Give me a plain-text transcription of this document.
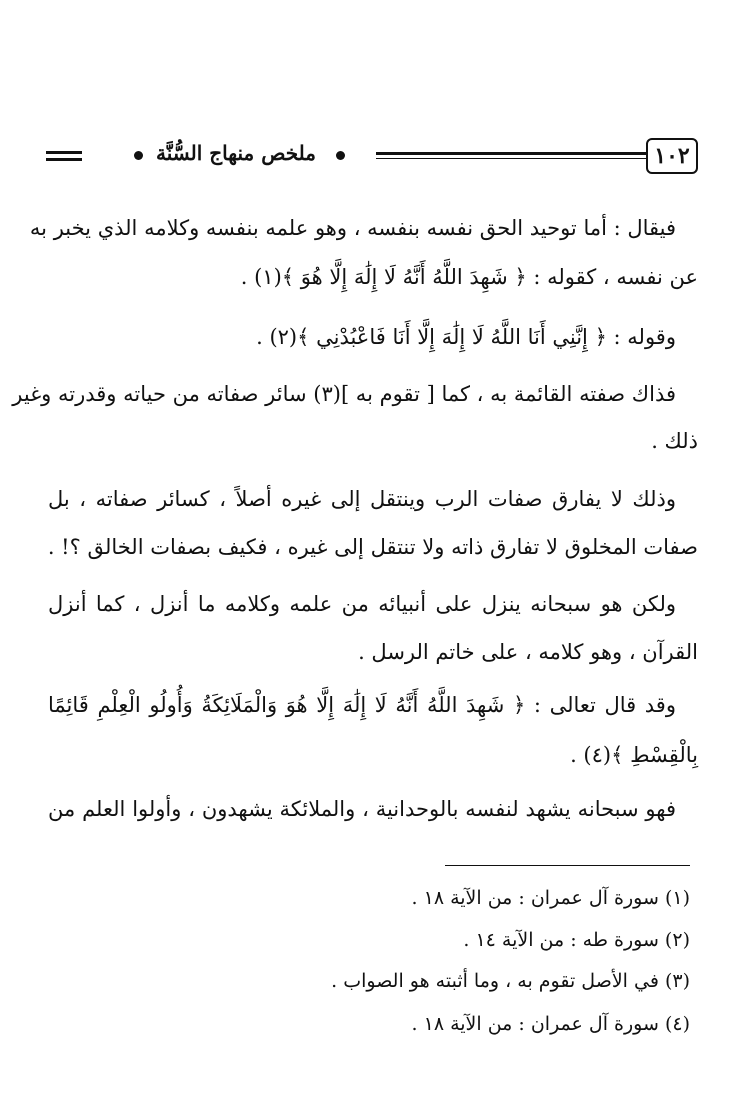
١٠٢
ملخص منهاج السُّنَّة
فيقال : أما توحيد الحق نفسه بنفسه ، وهو علمه بنفسه وكلامه الذي يخبر به
عن نفسه ، كقوله : ﴿ شَهِدَ اللَّهُ أَنَّهُ لَا إِلَٰهَ إِلَّا هُوَ ﴾(١) .
وقوله : ﴿ إِنَّنِي أَنَا اللَّهُ لَا إِلَٰهَ إِلَّا أَنَا فَاعْبُدْنِي ﴾(٢) .
فذاك صفته القائمة به ، كما [ تقوم به ](٣) سائر صفاته من حياته وقدرته وغير
ذلك .
وذلك لا يفارق صفات الرب وينتقل إلى غيره أصلاً ، كسائر صفاته ، بل
صفات المخلوق لا تفارق ذاته ولا تنتقل إلى غيره ، فكيف بصفات الخالق ؟! .
ولكن هو سبحانه ينزل على أنبيائه من علمه وكلامه ما أنزل ، كما أنزل
القرآن ، وهو كلامه ، على خاتم الرسل .
وقد قال تعالى : ﴿ شَهِدَ اللَّهُ أَنَّهُ لَا إِلَٰهَ إِلَّا هُوَ وَالْمَلَائِكَةُ وَأُولُو الْعِلْمِ قَائِمًا
بِالْقِسْطِ ﴾(٤) .
فهو سبحانه يشهد لنفسه بالوحدانية ، والملائكة يشهدون ، وأولوا العلم من
(١) سورة آل عمران : من الآية ١٨ .
(٢) سورة طه : من الآية ١٤ .
(٣) في الأصل تقوم به ، وما أثبته هو الصواب .
(٤) سورة آل عمران : من الآية ١٨ .
